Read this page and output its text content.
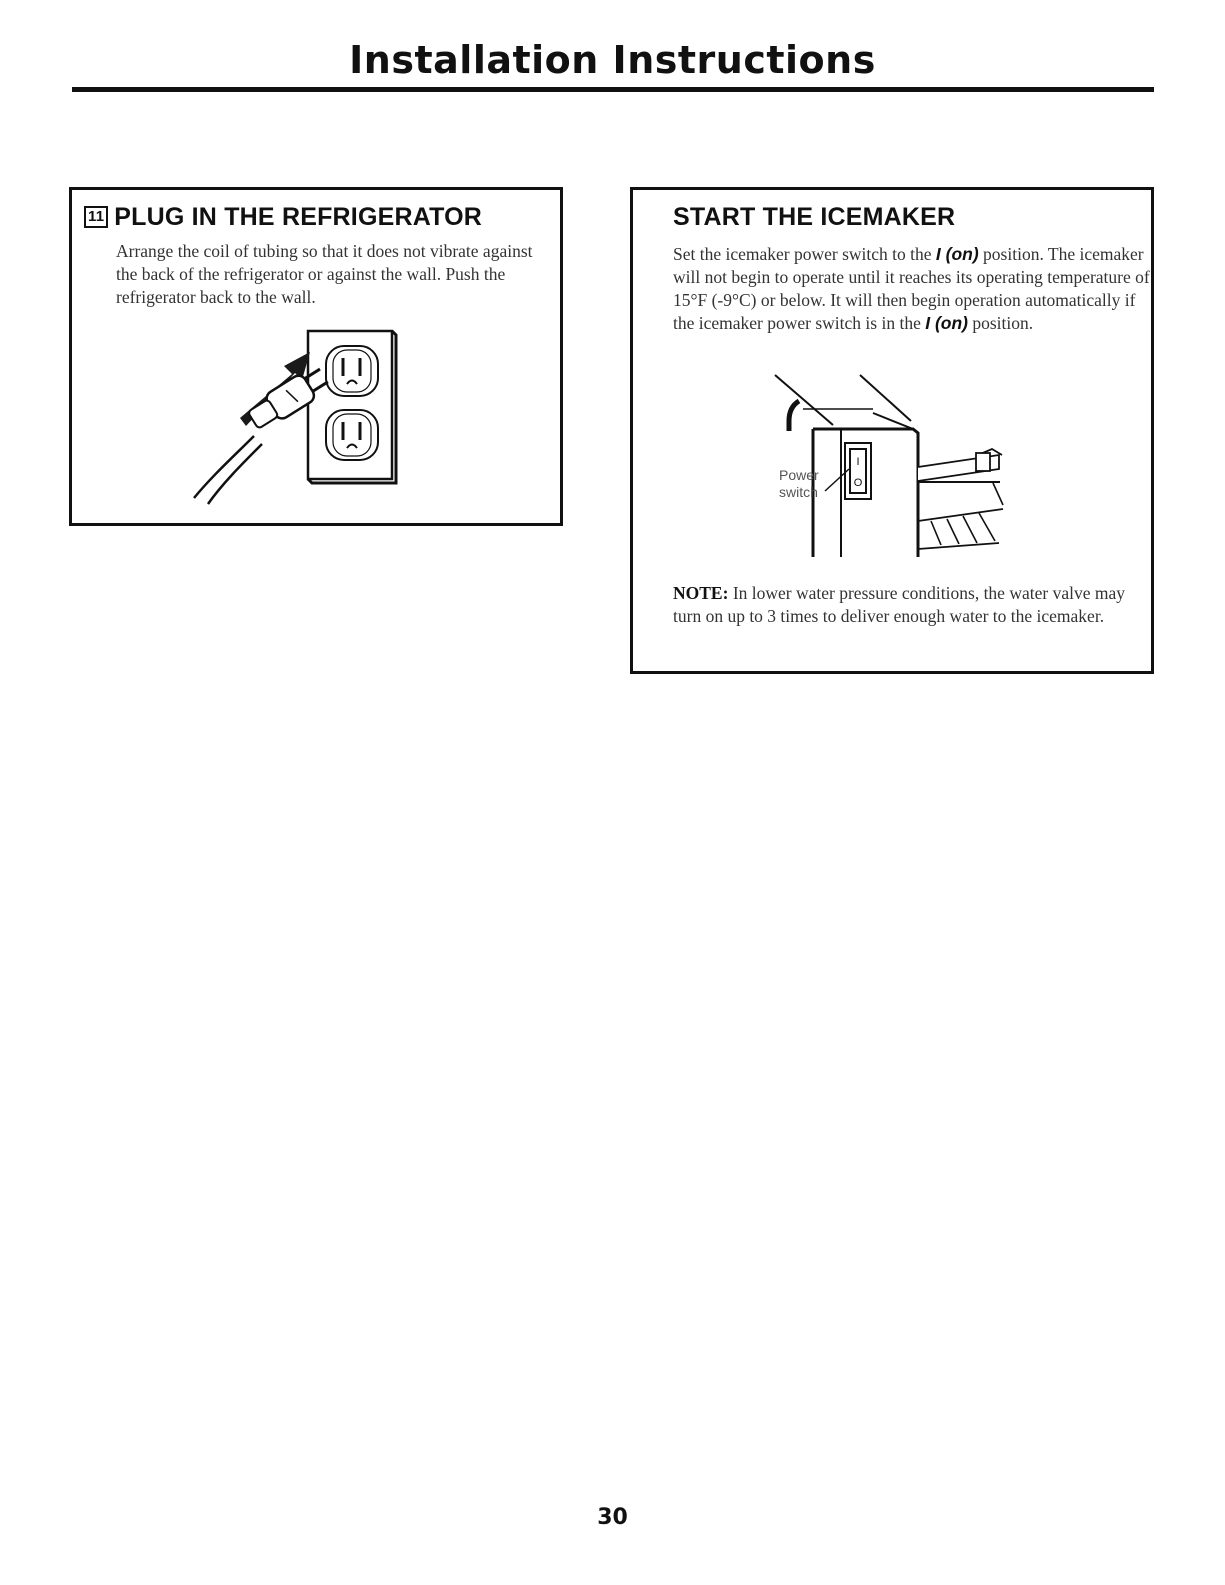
Installation Instructions
11 PLUG IN THE REFRIGERATOR

Arrange the coil of tubing so that it does not vibrate against the back of the refrigerator or against the wall. Push the refrigerator back to the wall.

START THE ICEMAKER

Set the icemaker power switch to the I (on) position. The icemaker will not begin to operate until it reaches its operating temperature of 15°F (-9°C) or below. It will then begin operation automatically if the icemaker power switch is in the I (on) position.

I
O
Power
switch

NOTE: In lower water pressure conditions, the water valve may turn on up to 3 times to deliver enough water to the icemaker.

30
